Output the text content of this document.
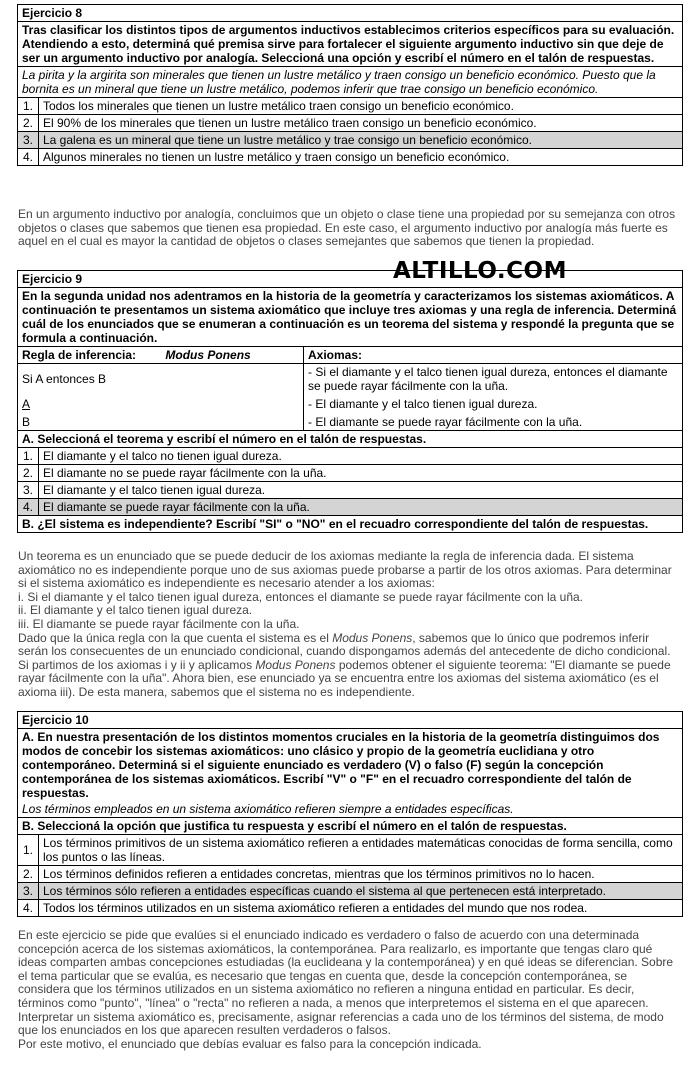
Ejercicio 8
Tras clasificar los distintos tipos de argumentos inductivos establecimos criterios específicos para su evaluación. Atendiendo a esto, determiná qué premisa sirve para fortalecer el siguiente argumento inductivo sin que deje de ser un argumento inductivo por analogía. Seleccioná una opción y escribí el número en el talón de respuestas.
La pirita y la argirita son minerales que tienen un lustre metálico y traen consigo un beneficio económico. Puesto que la bornita es un mineral que tiene un lustre metálico, podemos inferir que trae consigo un beneficio económico.
1. Todos los minerales que tienen un lustre metálico traen consigo un beneficio económico.
2. El 90% de los minerales que tienen un lustre metálico traen consigo un beneficio económico.
3. La galena es un mineral que tiene un lustre metálico y trae consigo un beneficio económico.
4. Algunos minerales no tienen un lustre metálico y traen consigo un beneficio económico.

En un argumento inductivo por analogía, concluimos que un objeto o clase tiene una propiedad por su semejanza con otros objetos o clases que sabemos que tienen esa propiedad. En este caso, el argumento inductivo por analogía más fuerte es aquel en el cual es mayor la cantidad de objetos o clases semejantes que sabemos que tienen la propiedad.

Ejercicio 9
En la segunda unidad nos adentramos en la historia de la geometría y caracterizamos los sistemas axiomáticos. A continuación te presentamos un sistema axiomático que incluye tres axiomas y una regla de inferencia. Determiná cuál de los enunciados que se enumeran a continuación es un teorema del sistema y respondé la pregunta que se formula a continuación.
Regla de inferencia: Modus Ponens	Axiomas:
Si A entonces B
A
B
- Si el diamante y el talco tienen igual dureza, entonces el diamante se puede rayar fácilmente con la uña.
- El diamante y el talco tienen igual dureza.
- El diamante se puede rayar fácilmente con la uña.
A. Seleccioná el teorema y escribí el número en el talón de respuestas.
1. El diamante y el talco no tienen igual dureza.
2. El diamante no se puede rayar fácilmente con la uña.
3. El diamante y el talco tienen igual dureza.
4. El diamante se puede rayar fácilmente con la uña.
B. ¿El sistema es independiente? Escribí "SI" o "NO" en el recuadro correspondiente del talón de respuestas.
ALTILLO.COM

Un teorema es un enunciado que se puede deducir de los axiomas mediante la regla de inferencia dada. El sistema axiomático no es independiente porque uno de sus axiomas puede probarse a partir de los otros axiomas. Para determinar si el sistema axiomático es independiente es necesario atender a los axiomas:

i. Si el diamante y el talco tienen igual dureza, entonces el diamante se puede rayar fácilmente con la uña.

ii. El diamante y el talco tienen igual dureza.

iii. El diamante se puede rayar fácilmente con la uña.

Dado que la única regla con la que cuenta el sistema es el Modus Ponens, sabemos que lo único que podremos inferir serán los consecuentes de un enunciado condicional, cuando dispongamos además del antecedente de dicho condicional. Si partimos de los axiomas i y ii y aplicamos Modus Ponens podemos obtener el siguiente teorema: "El diamante se puede rayar fácilmente con la uña". Ahora bien, ese enunciado ya se encuentra entre los axiomas del sistema axiomático (es el axioma iii). De esta manera, sabemos que el sistema no es independiente.

Ejercicio 10
A. En nuestra presentación de los distintos momentos cruciales en la historia de la geometría distinguimos dos modos de concebir los sistemas axiomáticos: uno clásico y propio de la geometría euclidiana y otro contemporáneo. Determiná si el siguiente enunciado es verdadero (V) o falso (F) según la concepción contemporánea de los sistemas axiomáticos. Escribí "V" o "F" en el recuadro correspondiente del talón de respuestas.
Los términos empleados en un sistema axiomático refieren siempre a entidades específicas.
B. Seleccioná la opción que justifica tu respuesta y escribí el número en el talón de respuestas.
1. Los términos primitivos de un sistema axiomático refieren a entidades matemáticas conocidas de forma sencilla, como los puntos o las líneas.
2. Los términos definidos refieren a entidades concretas, mientras que los términos primitivos no lo hacen.
3. Los términos sólo refieren a entidades específicas cuando el sistema al que pertenecen está interpretado.
4. Todos los términos utilizados en un sistema axiomático refieren a entidades del mundo que nos rodea.

En este ejercicio se pide que evalúes si el enunciado indicado es verdadero o falso de acuerdo con una determinada concepción acerca de los sistemas axiomáticos, la contemporánea. Para realizarlo, es importante que tengas claro qué ideas comparten ambas concepciones estudiadas (la euclideana y la contemporánea) y en qué ideas se diferencian. Sobre el tema particular que se evalúa, es necesario que tengas en cuenta que, desde la concepción contemporánea, se considera que los términos utilizados en un sistema axiomático no refieren a ninguna entidad en particular. Es decir, términos como "punto", "línea" o "recta" no refieren a nada, a menos que interpretemos el sistema en el que aparecen. Interpretar un sistema axiomático es, precisamente, asignar referencias a cada uno de los términos del sistema, de modo que los enunciados en los que aparecen resulten verdaderos o falsos.

Por este motivo, el enunciado que debías evaluar es falso para la concepción indicada.
